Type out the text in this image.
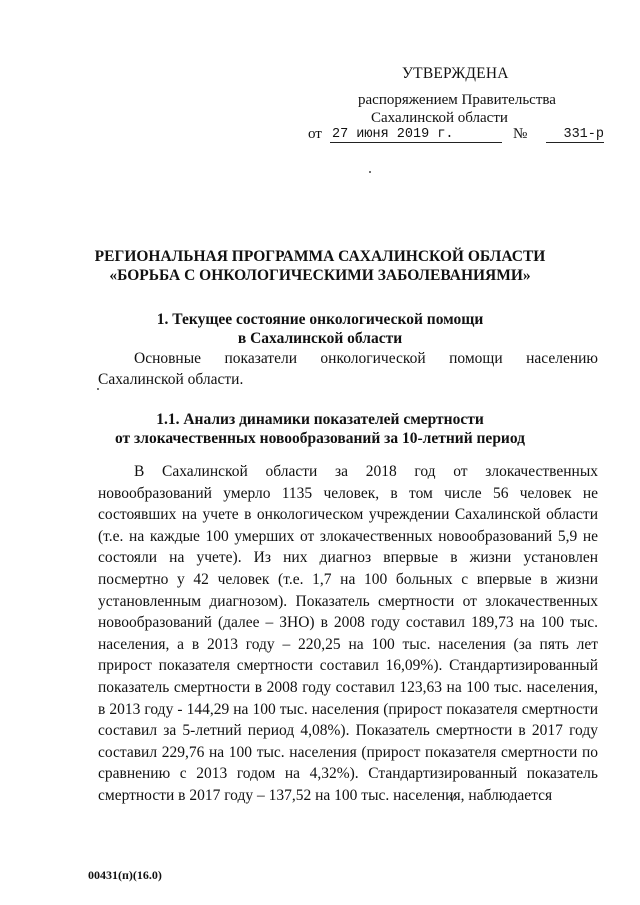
УТВЕРЖДЕНА
распоряжением Правительства
Сахалинской области
от 27 июня 2019 г.	№	331-р
РЕГИОНАЛЬНАЯ ПРОГРАММА САХАЛИНСКОЙ ОБЛАСТИ
«БОРЬБА С ОНКОЛОГИЧЕСКИМИ ЗАБОЛЕВАНИЯМИ»
1. Текущее состояние онкологической помощи
в Сахалинской области
Основные показатели онкологической помощи населению Сахалинской области.
1.1. Анализ динамики показателей смертности
от злокачественных новообразований за 10-летний период
В Сахалинской области за 2018 год от злокачественных новообразований умерло 1135 человек, в том числе 56 человек не состоявших на учете в онкологическом учреждении Сахалинской области (т.е. на каждые 100 умерших от злокачественных новообразований 5,9 не состояли на учете). Из них диагноз впервые в жизни установлен посмертно у 42 человек (т.е. 1,7 на 100 больных с впервые в жизни установленным диагнозом). Показатель смертности от злокачественных новообразований (далее – ЗНО) в 2008 году составил 189,73 на 100 тыс. населения, а в 2013 году – 220,25 на 100 тыс. населения (за пять лет прирост показателя смертности составил 16,09%). Стандартизированный показатель смертности в 2008 году составил 123,63 на 100 тыс. населения, в 2013 году - 144,29 на 100 тыс. населения (прирост показателя смертности составил за 5-летний период 4,08%). Показатель смертности в 2017 году составил 229,76 на 100 тыс. населения (прирост показателя смертности по сравнению с 2013 годом на 4,32%). Стандартизированный показатель смертности в 2017 году – 137,52 на 100 тыс. населения, наблюдается
00431(п)(16.0)
